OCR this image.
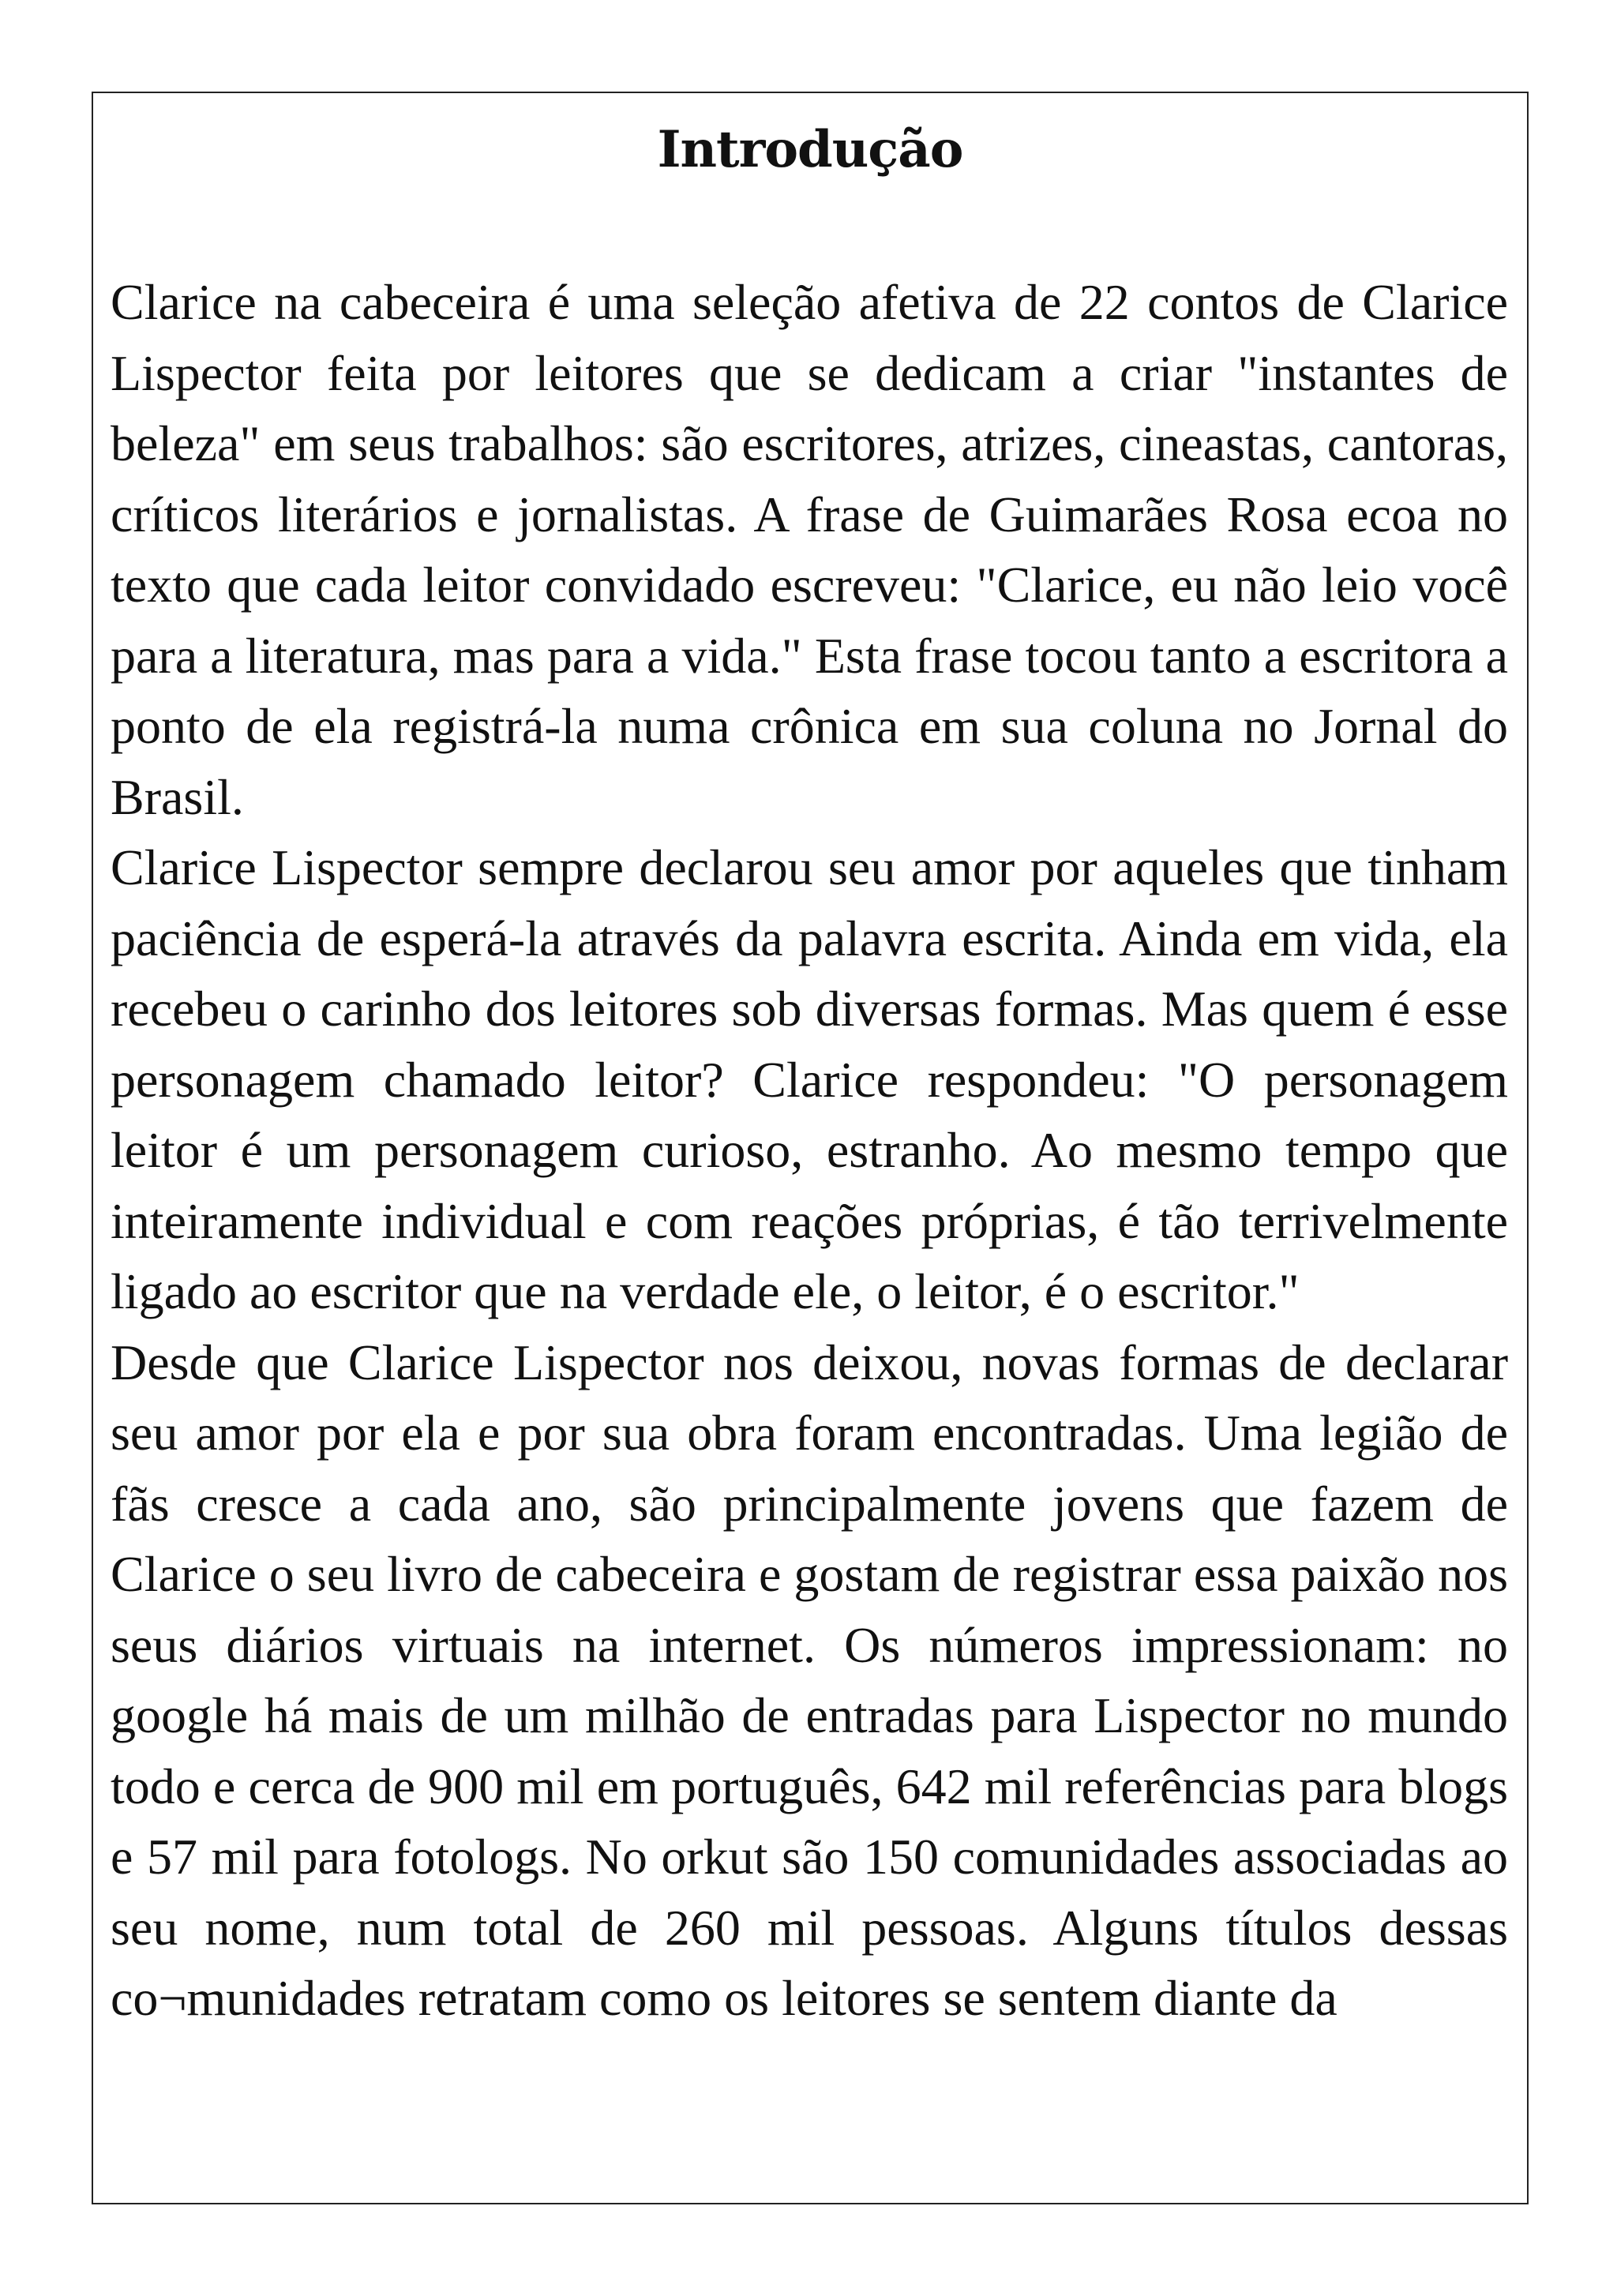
Introdução

Clarice na cabeceira é uma seleção afetiva de 22 contos de Clarice Lispector feita por leitores que se dedicam a criar "instantes de beleza" em seus trabalhos: são escritores, atrizes, cineastas, cantoras, críticos literários e jornalistas. A frase de Guimarães Rosa ecoa no texto que cada leitor convidado escreveu: "Clarice, eu não leio você para a literatura, mas para a vida." Esta frase tocou tanto a escritora a ponto de ela registrá-la numa crônica em sua coluna no Jornal do Brasil.

Clarice Lispector sempre declarou seu amor por aqueles que tinham paciência de esperá-la através da palavra escrita. Ainda em vida, ela recebeu o carinho dos leitores sob diversas formas. Mas quem é esse personagem chamado leitor? Clarice respondeu: "O personagem leitor é um personagem curioso, estranho. Ao mesmo tempo que inteiramente individual e com reações próprias, é tão terrivelmente ligado ao escritor que na verdade ele, o leitor, é o escritor."

Desde que Clarice Lispector nos deixou, novas formas de declarar seu amor por ela e por sua obra foram encontradas. Uma legião de fãs cresce a cada ano, são principalmente jovens que fazem de Clarice o seu livro de cabeceira e gostam de registrar essa paixão nos seus diários virtuais na internet. Os números impressionam: no google há mais de um milhão de entradas para Lispector no mundo todo e cerca de 900 mil em português, 642 mil referências para blogs e 57 mil para fotologs. No orkut são 150 comunidades associadas ao seu nome, num total de 260 mil pessoas. Alguns títulos dessas co¬munidades retratam como os leitores se sentem diante da
